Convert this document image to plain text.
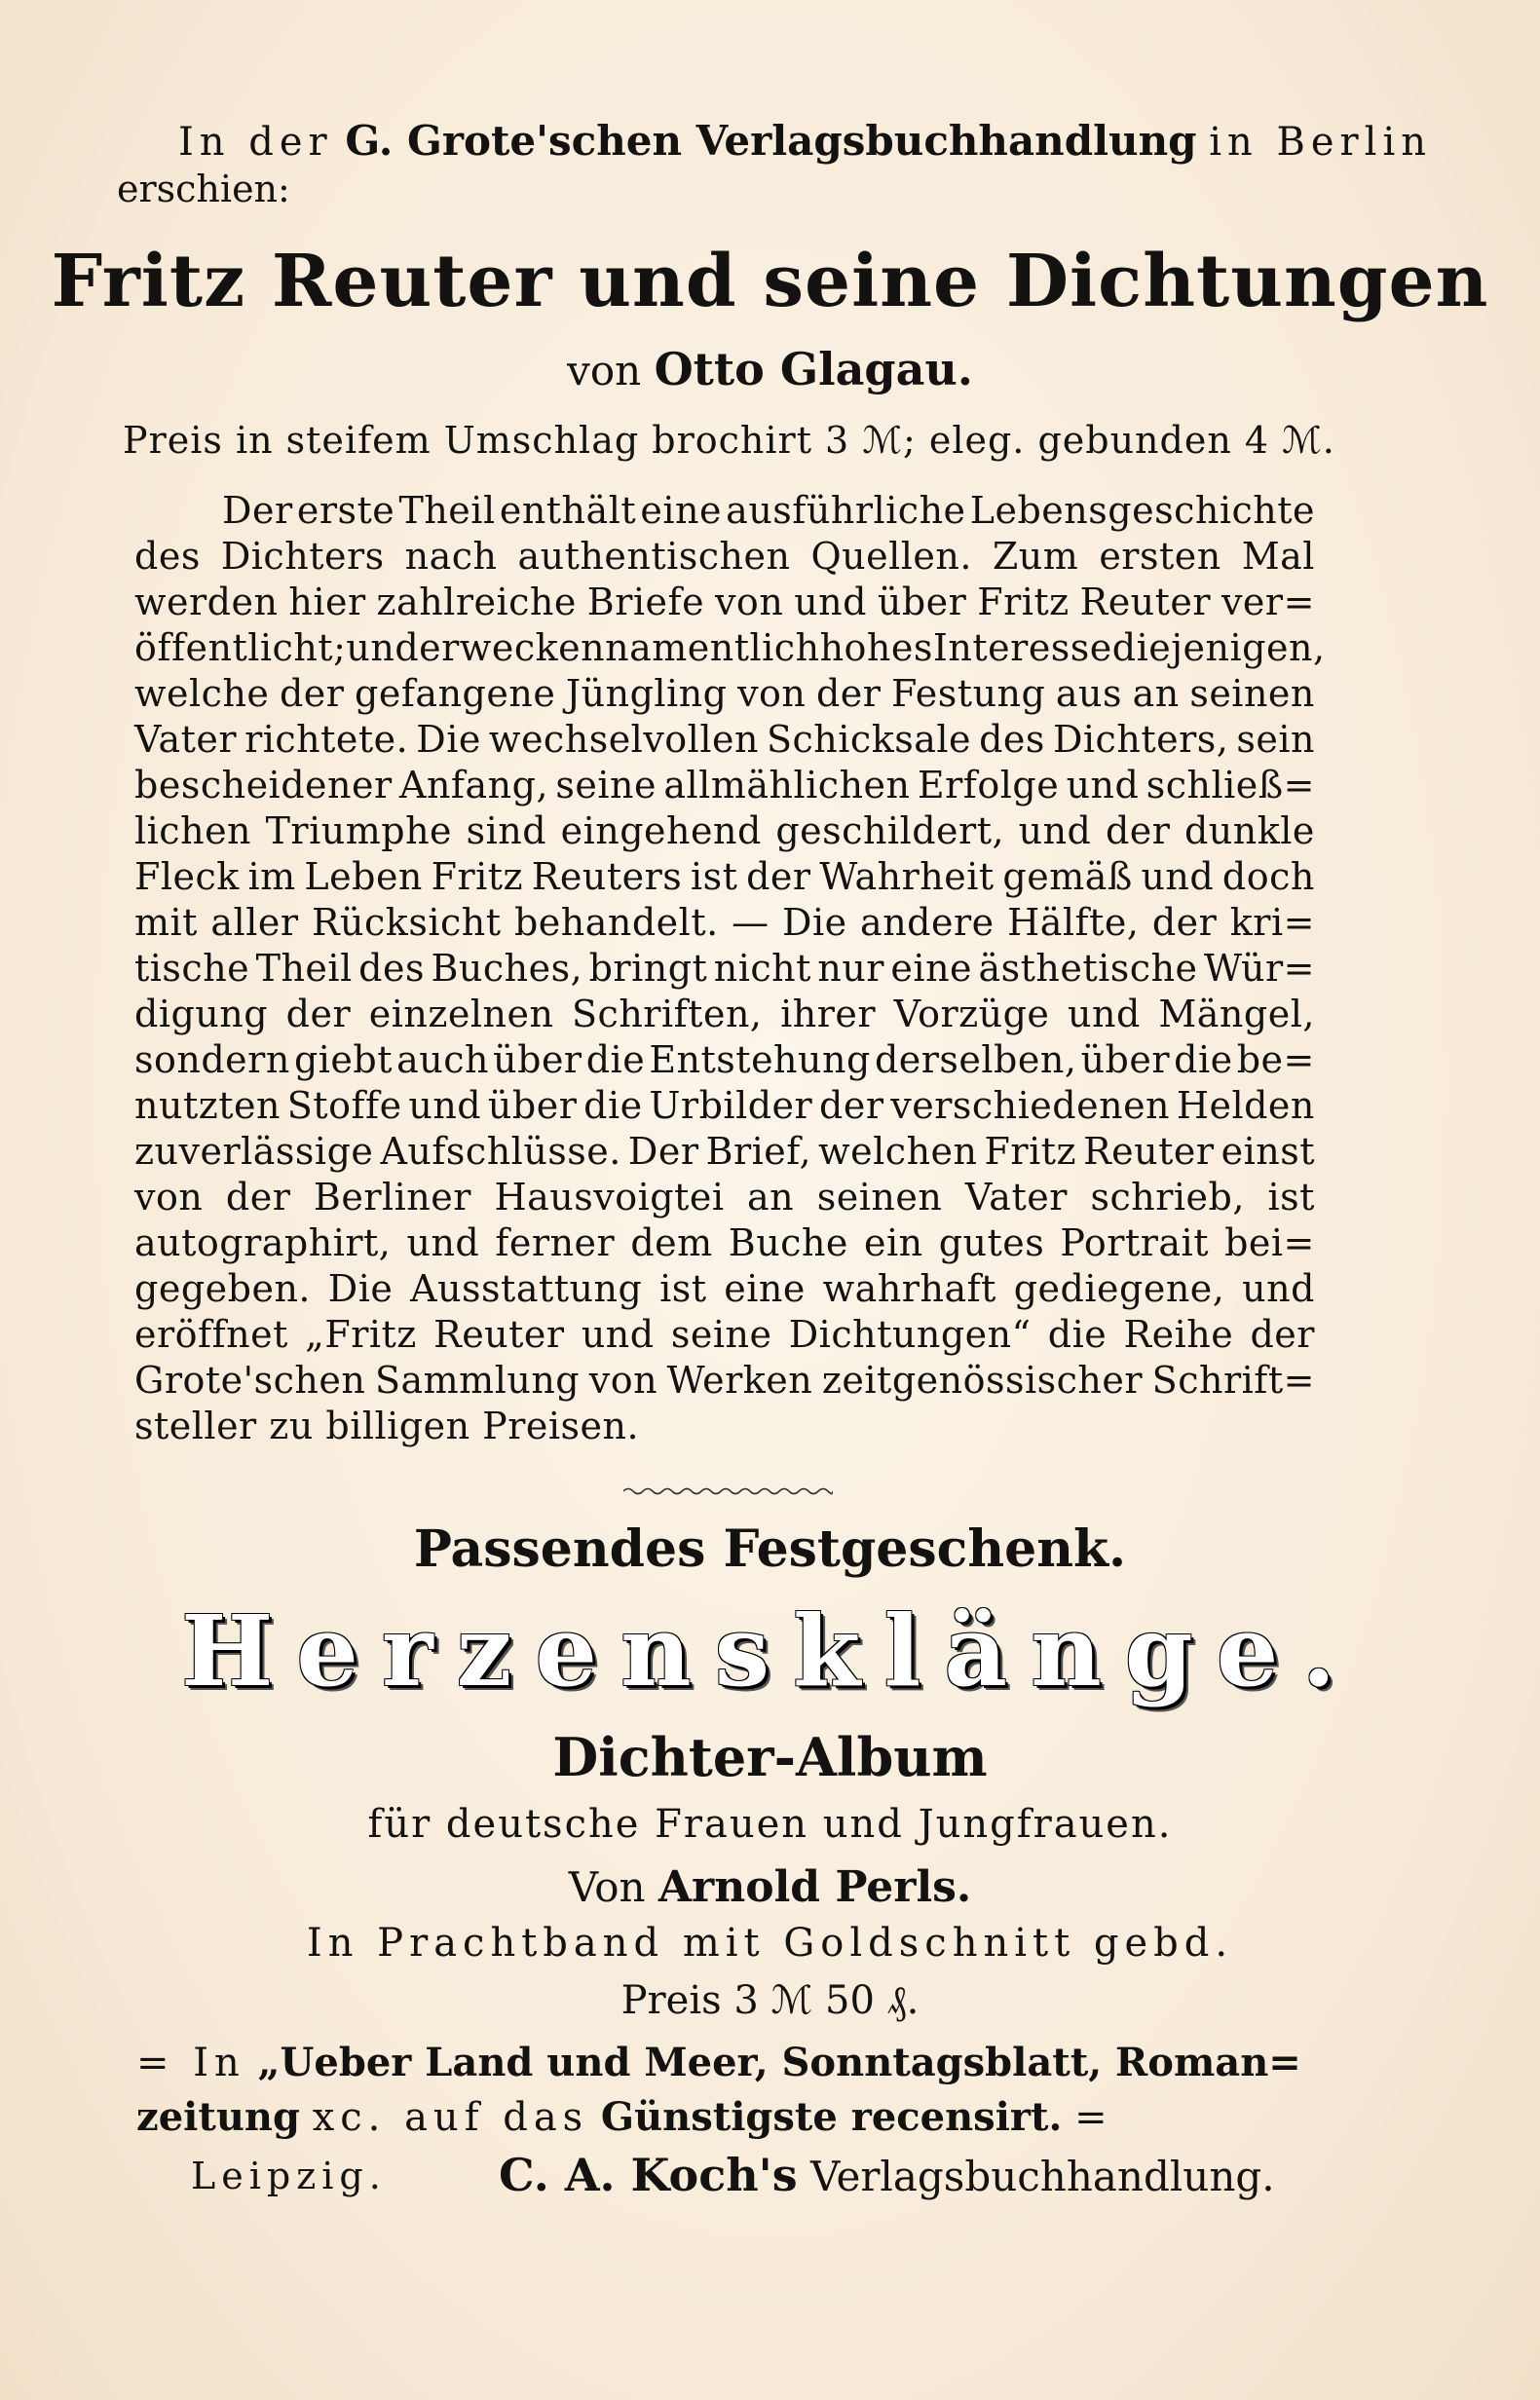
In der G. Grote'schen Verlagsbuchhandlung in Berlin
erschien:
Fritz Reuter und seine Dichtungen
von Otto Glagau.
Preis in steifem Umschlag brochirt 3 ℳ; eleg. gebunden 4 ℳ.
Der erste Theil enthält eine ausführliche Lebensgeschichte
des Dichters nach authentischen Quellen. Zum ersten Mal
werden hier zahlreiche Briefe von und über Fritz Reuter ver=
öffentlicht; und erwecken namentlich hohes Interesse diejenigen,
welche der gefangene Jüngling von der Festung aus an seinen
Vater richtete. Die wechselvollen Schicksale des Dichters, sein
bescheidener Anfang, seine allmählichen Erfolge und schließ=
lichen Triumphe sind eingehend geschildert, und der dunkle
Fleck im Leben Fritz Reuters ist der Wahrheit gemäß und doch
mit aller Rücksicht behandelt. — Die andere Hälfte, der kri=
tische Theil des Buches, bringt nicht nur eine ästhetische Wür=
digung der einzelnen Schriften, ihrer Vorzüge und Mängel,
sondern giebt auch über die Entstehung derselben, über die be=
nutzten Stoffe und über die Urbilder der verschiedenen Helden
zuverlässige Aufschlüsse. Der Brief, welchen Fritz Reuter einst
von der Berliner Hausvoigtei an seinen Vater schrieb, ist
autographirt, und ferner dem Buche ein gutes Portrait bei=
gegeben. Die Ausstattung ist eine wahrhaft gediegene, und
eröffnet „Fritz Reuter und seine Dichtungen“ die Reihe der
Grote'schen Sammlung von Werken zeitgenössischer Schrift=
steller zu billigen Preisen.
Passendes Festgeschenk.
Herzensklänge.
Dichter-Album
für deutsche Frauen und Jungfrauen.
Von Arnold Perls.
In Prachtband mit Goldschnitt gebd.
Preis 3 ℳ 50 ₰.
= In „Ueber Land und Meer, Sonntagsblatt, Roman=
zeitung xc. auf das Günstigste recensirt. =
Leipzig.	C. A. Koch's Verlagsbuchhandlung.
